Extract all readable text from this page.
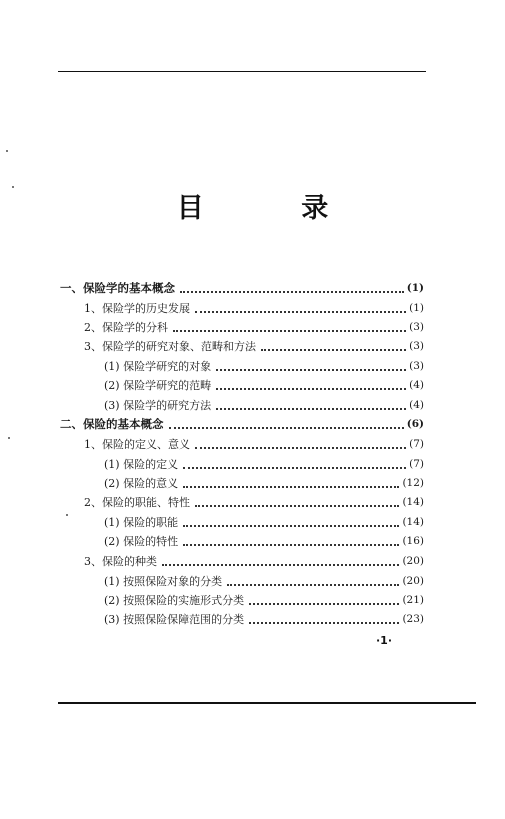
目 录
一、保险学的基本概念	(1)
1、保险学的历史发展	(1)
2、保险学的分科	(3)
3、保险学的研究对象、范畴和方法	(3)
(1) 保险学研究的对象	(3)
(2) 保险学研究的范畴	(4)
(3) 保险学的研究方法	(4)
二、保险的基本概念	(6)
1、保险的定义、意义	(7)
(1) 保险的定义	(7)
(2) 保险的意义	(12)
2、保险的职能、特性	(14)
(1) 保险的职能	(14)
(2) 保险的特性	(16)
3、保险的种类	(20)
(1) 按照保险对象的分类	(20)
(2) 按照保险的实施形式分类	(21)
(3) 按照保险保障范围的分类	(23)
·1·
